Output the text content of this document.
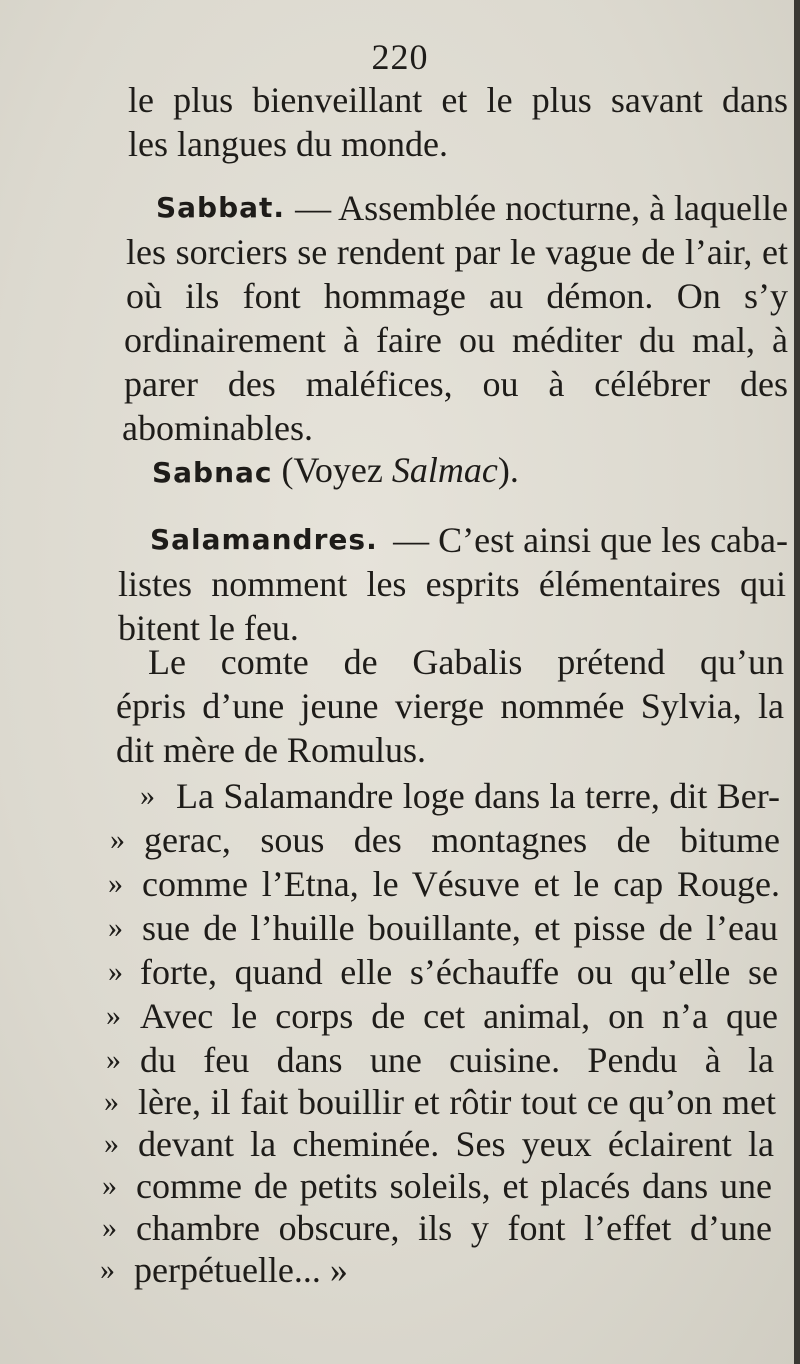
220
le plus bienveillant et le plus savant dans
les langues du monde.
Sabbat. — Assemblée nocturne, à laquelle
les sorciers se rendent par le vague de l’air, et
où ils font hommage au démon. On s’y
ordinairement à faire ou méditer du mal, à
parer des maléfices, ou à célébrer des
abominables.
Sabnac (Voyez Salmac).
Salamandres. — C’est ainsi que les caba-
listes nomment les esprits élémentaires qui
bitent le feu.
Le comte de Gabalis prétend qu’un
épris d’une jeune vierge nommée Sylvia, la
dit mère de Romulus.
» La Salamandre loge dans la terre, dit Ber-
» gerac, sous des montagnes de bitume
» comme l’Etna, le Vésuve et le cap Rouge.
» sue de l’huille bouillante, et pisse de l’eau
» forte, quand elle s’échauffe ou qu’elle se
» Avec le corps de cet animal, on n’a que
» du feu dans une cuisine. Pendu à la
» lère, il fait bouillir et rôtir tout ce qu’on met
» devant la cheminée. Ses yeux éclairent la
» comme de petits soleils, et placés dans une
» chambre obscure, ils y font l’effet d’une
» perpétuelle... »
